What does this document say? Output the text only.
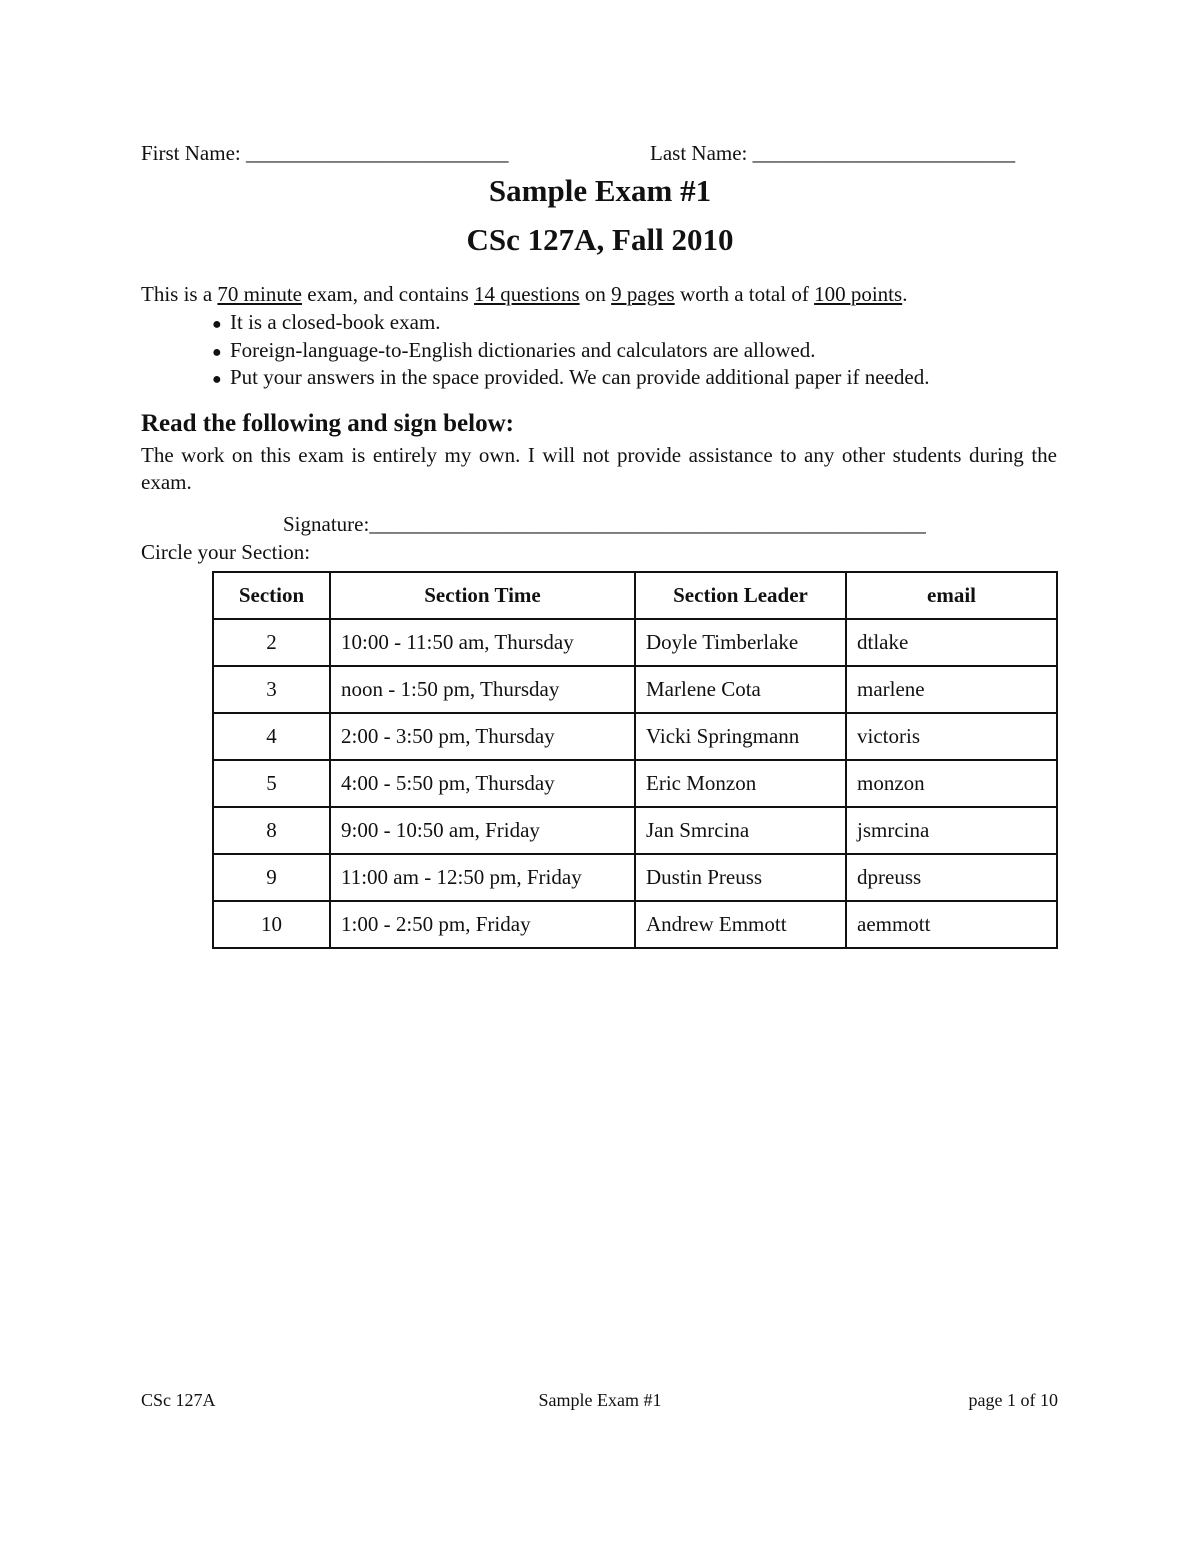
First Name: _________________________	Last Name: _________________________
Sample Exam #1
CSc 127A, Fall 2010
This is a 70 minute exam, and contains 14 questions on 9 pages worth a total of 100 points.
● It is a closed-book exam.
● Foreign-language-to-English dictionaries and calculators are allowed.
● Put your answers in the space provided. We can provide additional paper if needed.
Read the following and sign below:
The work on this exam is entirely my own. I will not provide assistance to any other students during the exam.
Signature:_____________________________________________________
Circle your Section:
Section	Section Time	Section Leader	email
2	10:00 - 11:50 am, Thursday	Doyle Timberlake	dtlake
3	noon - 1:50 pm, Thursday	Marlene Cota	marlene
4	2:00 - 3:50 pm, Thursday	Vicki Springmann	victoris
5	4:00 - 5:50 pm, Thursday	Eric Monzon	monzon
8	9:00 - 10:50 am, Friday	Jan Smrcina	jsmrcina
9	11:00 am - 12:50 pm, Friday	Dustin Preuss	dpreuss
10	1:00 - 2:50 pm, Friday	Andrew Emmott	aemmott
CSc 127A	Sample Exam #1	page 1 of 10
